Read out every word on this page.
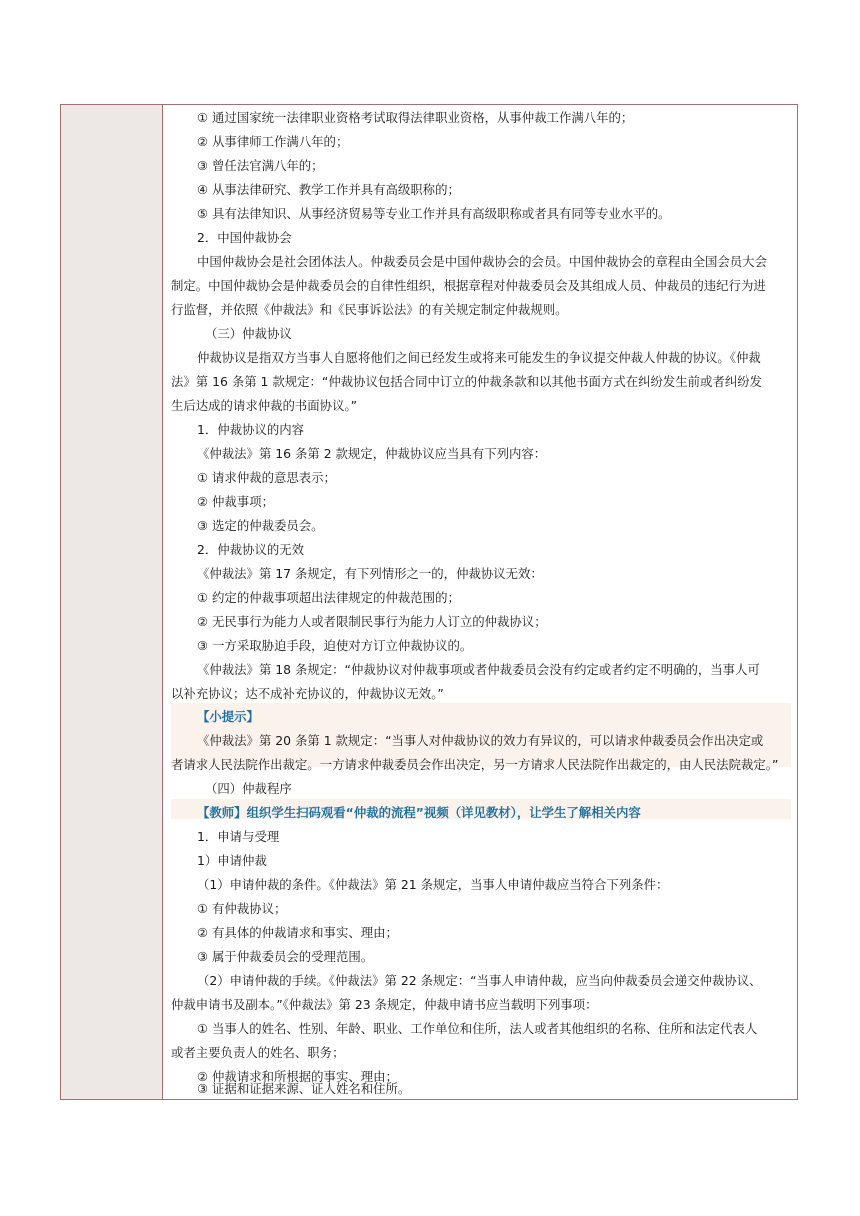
① 通过国家统一法律职业资格考试取得法律职业资格，从事仲裁工作满八年的；
② 从事律师工作满八年的；
③ 曾任法官满八年的；
④ 从事法律研究、教学工作并具有高级职称的；
⑤ 具有法律知识、从事经济贸易等专业工作并具有高级职称或者具有同等专业水平的。
2．中国仲裁协会
中国仲裁协会是社会团体法人。仲裁委员会是中国仲裁协会的会员。中国仲裁协会的章程由全国会员大会
制定。中国仲裁协会是仲裁委员会的自律性组织，根据章程对仲裁委员会及其组成人员、仲裁员的违纪行为进
行监督，并依照《仲裁法》和《民事诉讼法》的有关规定制定仲裁规则。
（三）仲裁协议
仲裁协议是指双方当事人自愿将他们之间已经发生或将来可能发生的争议提交仲裁人仲裁的协议。《仲裁
法》第 16 条第 1 款规定：“仲裁协议包括合同中订立的仲裁条款和以其他书面方式在纠纷发生前或者纠纷发
生后达成的请求仲裁的书面协议。”
1．仲裁协议的内容
《仲裁法》第 16 条第 2 款规定，仲裁协议应当具有下列内容：
① 请求仲裁的意思表示；
② 仲裁事项；
③ 选定的仲裁委员会。
2．仲裁协议的无效
《仲裁法》第 17 条规定，有下列情形之一的，仲裁协议无效：
① 约定的仲裁事项超出法律规定的仲裁范围的；
② 无民事行为能力人或者限制民事行为能力人订立的仲裁协议；
③ 一方采取胁迫手段，迫使对方订立仲裁协议的。
《仲裁法》第 18 条规定：“仲裁协议对仲裁事项或者仲裁委员会没有约定或者约定不明确的，当事人可
以补充协议；达不成补充协议的，仲裁协议无效。”
【小提示】
《仲裁法》第 20 条第 1 款规定：“当事人对仲裁协议的效力有异议的，可以请求仲裁委员会作出决定或
者请求人民法院作出裁定。一方请求仲裁委员会作出决定，另一方请求人民法院作出裁定的，由人民法院裁定。”
（四）仲裁程序
【教师】组织学生扫码观看“仲裁的流程”视频（详见教材），让学生了解相关内容
1．申请与受理
1）申请仲裁
（1）申请仲裁的条件。《仲裁法》第 21 条规定，当事人申请仲裁应当符合下列条件：
① 有仲裁协议；
② 有具体的仲裁请求和事实、理由；
③ 属于仲裁委员会的受理范围。
（2）申请仲裁的手续。《仲裁法》第 22 条规定：“当事人申请仲裁，应当向仲裁委员会递交仲裁协议、
仲裁申请书及副本。”《仲裁法》第 23 条规定，仲裁申请书应当载明下列事项：
① 当事人的姓名、性别、年龄、职业、工作单位和住所，法人或者其他组织的名称、住所和法定代表人
或者主要负责人的姓名、职务；
② 仲裁请求和所根据的事实、理由；
③ 证据和证据来源、证人姓名和住所。
